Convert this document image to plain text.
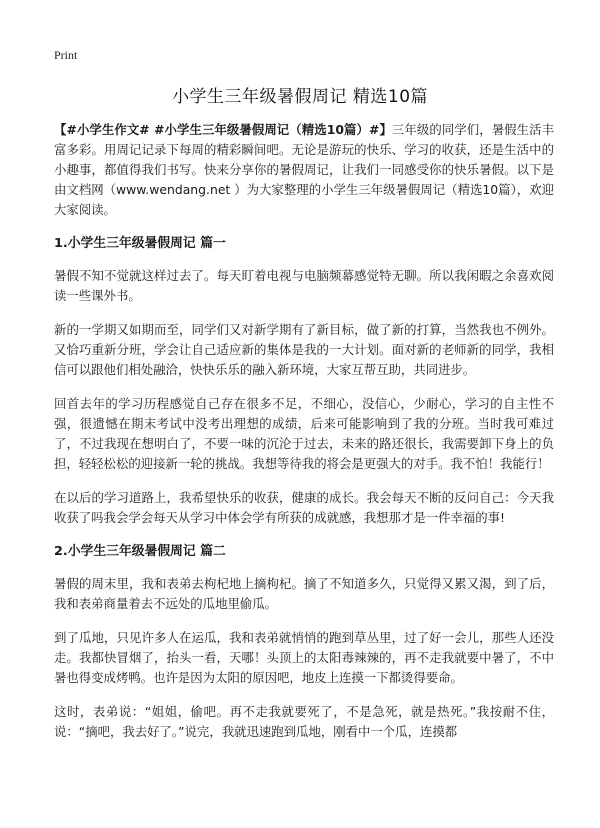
Print
小学生三年级暑假周记 精选10篇

【#小学生作文# #小学生三年级暑假周记（精选10篇）#】三年级的同学们，暑假生活丰富多彩。用周记记录下每周的精彩瞬间吧。无论是游玩的快乐、学习的收获，还是生活中的小趣事，都值得我们书写。快来分享你的暑假周记，让我们一同感受你的快乐暑假。以下是由文档网（www.wendang.net ）为大家整理的小学生三年级暑假周记（精选10篇），欢迎大家阅读。

1.小学生三年级暑假周记 篇一

暑假不知不觉就这样过去了。每天盯着电视与电脑频幕感觉特无聊。所以我闲暇之余喜欢阅读一些课外书。

新的一学期又如期而至，同学们又对新学期有了新目标，做了新的打算，当然我也不例外。又恰巧重新分班，学会让自己适应新的集体是我的一大计划。面对新的老师新的同学，我相信可以跟他们相处融洽，快快乐乐的融入新环境，大家互帮互助，共同进步。

回首去年的学习历程感觉自己存在很多不足，不细心，没信心，少耐心，学习的自主性不强，很遗憾在期末考试中没考出理想的成绩，后来可能影响到了我的分班。当时我可难过了，不过我现在想明白了，不要一味的沉沦于过去，未来的路还很长，我需要卸下身上的负担，轻轻松松的迎接新一轮的挑战。我想等待我的将会是更强大的对手。我不怕！我能行！

在以后的学习道路上，我希望快乐的收获，健康的成长。我会每天不断的反问自己：今天我收获了吗我会学会每天从学习中体会学有所获的成就感，我想那才是一件幸福的事!

2.小学生三年级暑假周记 篇二

暑假的周末里，我和表弟去枸杞地上摘枸杞。摘了不知道多久，只觉得又累又渴，到了后，我和表弟商量着去不远处的瓜地里偷瓜。

到了瓜地，只见许多人在运瓜，我和表弟就悄悄的跑到草丛里，过了好一会儿，那些人还没走。我都快冒烟了，抬头一看，天哪！头顶上的太阳毒辣辣的，再不走我就要中暑了，不中暑也得变成烤鸭。也许是因为太阳的原因吧，地皮上连摸一下都烫得要命。

这时，表弟说：“姐姐，偷吧。再不走我就要死了，不是急死，就是热死。”我按耐不住，说：“摘吧，我去好了。”说完，我就迅速跑到瓜地，刚看中一个瓜，连摸都
